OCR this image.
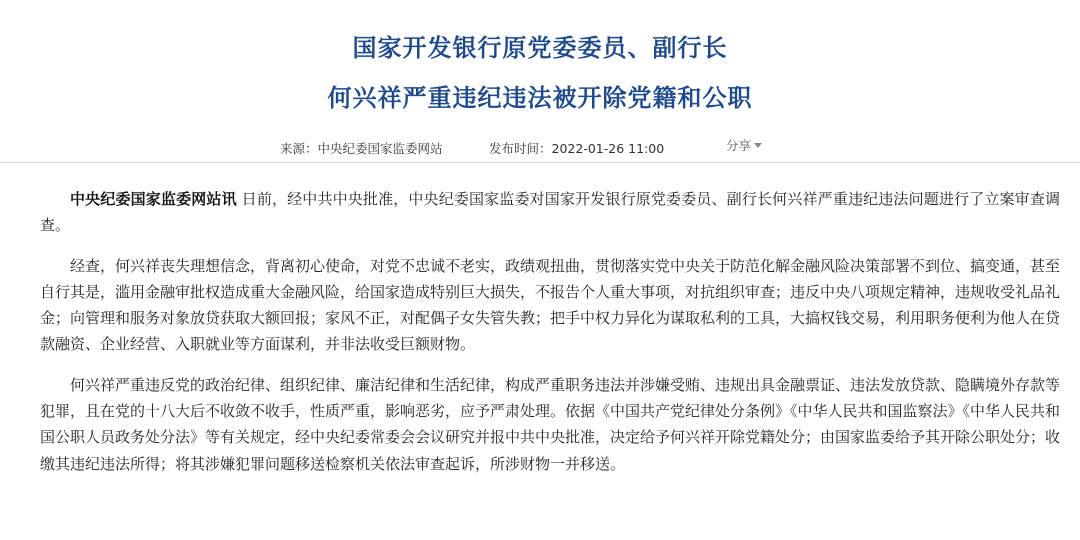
国家开发银行原党委委员、副行长
何兴祥严重违纪违法被开除党籍和公职
来源：中央纪委国家监委网站	发布时间：2022-01-26 11:00	分享

中央纪委国家监委网站讯 日前，经中共中央批准，中央纪委国家监委对国家开发银行原党委委员、副行长何兴祥严重违纪违法问题进行了立案审查调查。

经查，何兴祥丧失理想信念，背离初心使命，对党不忠诚不老实，政绩观扭曲，贯彻落实党中央关于防范化解金融风险决策部署不到位、搞变通，甚至自行其是，滥用金融审批权造成重大金融风险，给国家造成特别巨大损失，不报告个人重大事项，对抗组织审查；违反中央八项规定精神，违规收受礼品礼金；向管理和服务对象放贷获取大额回报；家风不正，对配偶子女失管失教；把手中权力异化为谋取私利的工具，大搞权钱交易，利用职务便利为他人在贷款融资、企业经营、入职就业等方面谋利，并非法收受巨额财物。

何兴祥严重违反党的政治纪律、组织纪律、廉洁纪律和生活纪律，构成严重职务违法并涉嫌受贿、违规出具金融票证、违法发放贷款、隐瞒境外存款等犯罪，且在党的十八大后不收敛不收手，性质严重，影响恶劣，应予严肃处理。依据《中国共产党纪律处分条例》《中华人民共和国监察法》《中华人民共和国公职人员政务处分法》等有关规定，经中央纪委常委会会议研究并报中共中央批准，决定给予何兴祥开除党籍处分；由国家监委给予其开除公职处分；收缴其违纪违法所得；将其涉嫌犯罪问题移送检察机关依法审查起诉，所涉财物一并移送。
